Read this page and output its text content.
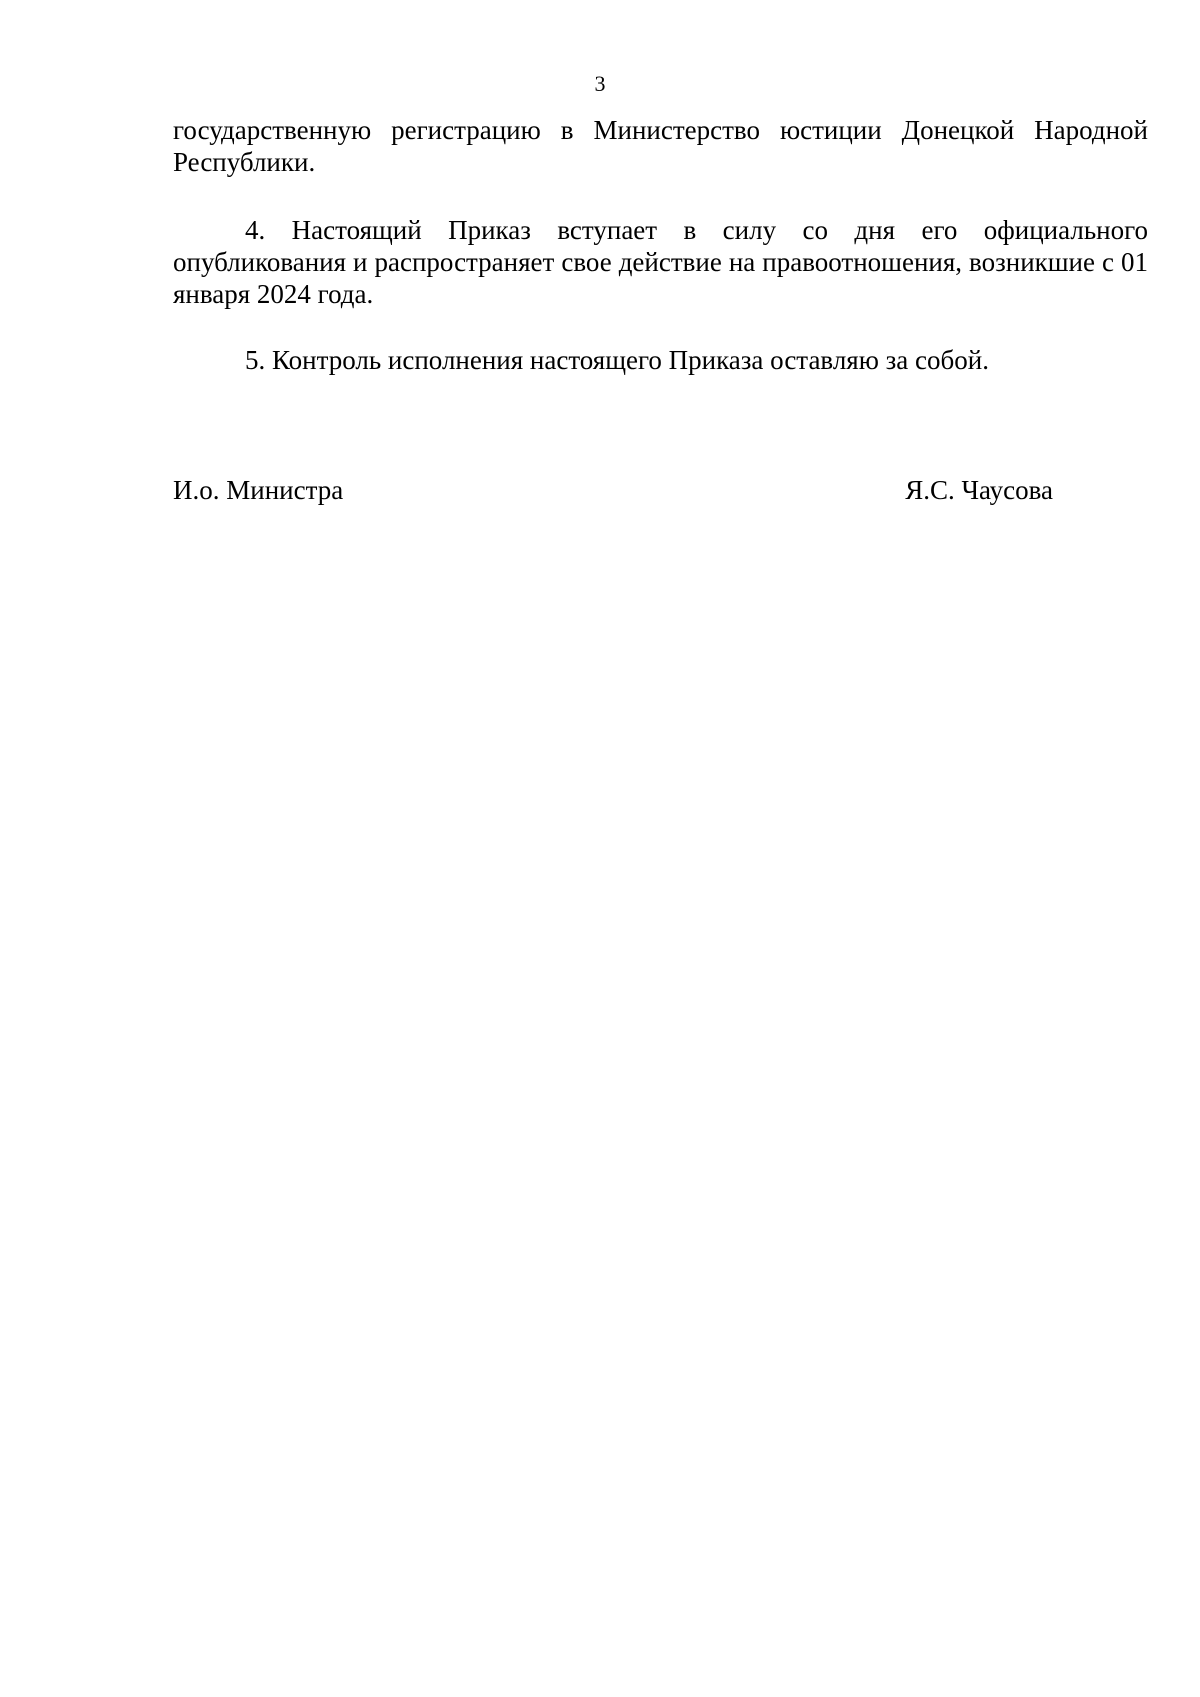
3

государственную регистрацию в Министерство юстиции Донецкой Народной Республики.

4. Настоящий Приказ вступает в силу со дня его официального опубликования и распространяет свое действие на правоотношения, возникшие с 01 января 2024 года.

5. Контроль исполнения настоящего Приказа оставляю за собой.

И.о. Министра	Я.С. Чаусова
